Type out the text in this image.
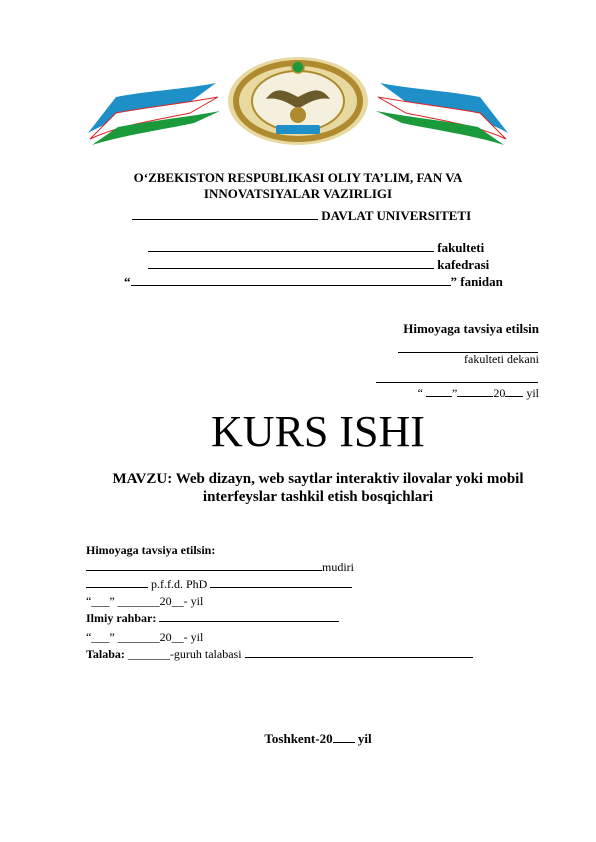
O‘ZBEKISTON RESPUBLIKASI OLIY TA’LIM, FAN VA
INNOVATSIYALAR VAZIRLIGI
DAVLAT UNIVERSITETI
fakulteti
kafedrasi
“	” fanidan
Himoyaga tavsiya etilsin
fakulteti dekani
“ ”	20 yil
KURS ISHI
MAVZU: Web dizayn, web saytlar interaktiv ilovalar yoki mobil
interfeyslar tashkil etish bosqichlari
Himoyaga tavsiya etilsin:
mudiri
p.f.f.d. PhD
“___” _______20__- yil
Ilmiy rahbar:
“___” _______20__- yil
Talaba: _______-guruh talabasi
Toshkent-20 yil
